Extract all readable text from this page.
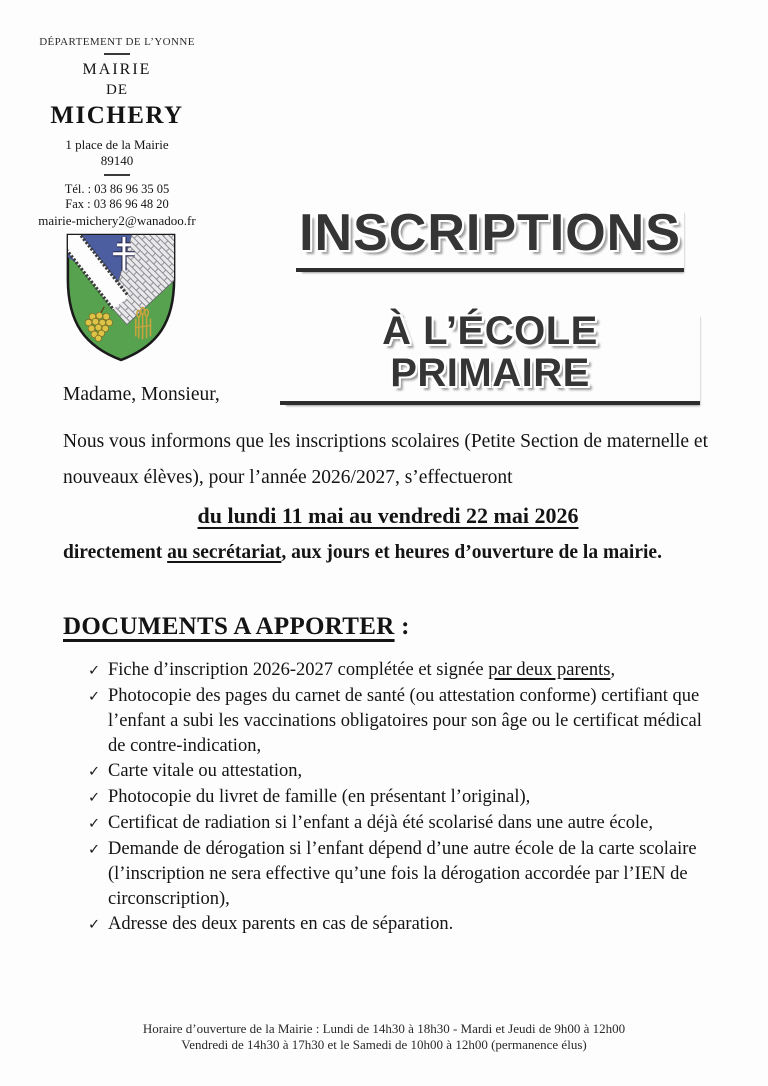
DÉPARTEMENT DE L’YONNE
MAIRIE
DE
MICHERY
1 place de la Mairie
89140
Tél. : 03 86 96 35 05
Fax : 03 86 96 48 20
mairie-michery2@wanadoo.fr	INSCRIPTIONS
À L’ÉCOLE PRIMAIRE
Madame, Monsieur,
Nous vous informons que les inscriptions scolaires (Petite Section de maternelle et nouveaux élèves), pour l’année 2026/2027, s’effectueront
du lundi 11 mai au vendredi 22 mai 2026
directement au secrétariat, aux jours et heures d’ouverture de la mairie.
DOCUMENTS A APPORTER :
✓ Fiche d’inscription 2026-2027 complétée et signée par deux parents,
✓ Photocopie des pages du carnet de santé (ou attestation conforme) certifiant que l’enfant a subi les vaccinations obligatoires pour son âge ou le certificat médical de contre-indication,
✓ Carte vitale ou attestation,
✓ Photocopie du livret de famille (en présentant l’original),
✓ Certificat de radiation si l’enfant a déjà été scolarisé dans une autre école,
✓ Demande de dérogation si l’enfant dépend d’une autre école de la carte scolaire (l’inscription ne sera effective qu’une fois la dérogation accordée par l’IEN de circonscription),
✓ Adresse des deux parents en cas de séparation.
Horaire d’ouverture de la Mairie : Lundi de 14h30 à 18h30 - Mardi et Jeudi de 9h00 à 12h00
Vendredi de 14h30 à 17h30 et le Samedi de 10h00 à 12h00 (permanence élus)
